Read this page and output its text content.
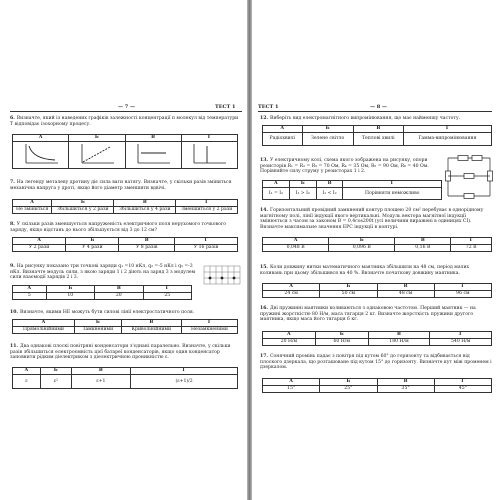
— 7 —	ТЕСТ 1
6. Визначте, який із наведених графіків залежності концентрації п молекул від температури Т відповідає ізохорному процесу.
А	Б	В	Г

7. На легенду металеву дротину діє сила ваги натягу. Визначте, у скільки разів зміниться механічна напруга у дроті, якщо його діаметр зменшити вдвічі.
А	Б	В	Г
Не зміниться	Збільшиться у 2 рази	Збільшиться у 4 рази	Зменшиться у 2 рази
8. У скільки разів зменшується напруженість електричного поля нерухомого точкового заряду, якщо відстань до нього збільшується від 3 до 12 см?
А	Б	В	Г
У 2 рази	У 4 рази	У 8 разів	У 16 разів
9. На рисунку показано три точкові заряди q₁ =10 нКл, q₂ =-5 нКл і q₃ =-3 нКл. Визначте модуль сили, з якою заряди 1 і 2 діють на заряд 3 з модулем сили взаємодії зарядів 2 і 3.
А	Б	В	Г
5	10	20	25
10. Визначте, якими НЕ можуть бути силові лінії електростатичного поля.
А	Б	В	Г
Прямолінійними	Замкненими	Криволінійними	Незамкненими
11. Два однакові плоскі повітряні конденсатори з'єднані паралельно. Визначте, у скільки разів збільшиться електроємність цієї батареї конденсаторів, якщо один конденсатор заповнити рідким діелектриком з діелектричною проникністю ε.
А	Б	В	Г
ε	ε²	ε+1	(ε+1)/2
ТЕСТ 1	— 8 —
12. Виберіть вид електромагнітного випромінювання, що має найменшу частоту.
А	Б	В	Г
Радіохвилі	Зелене світло	Теплові хвилі	Гамма-випромінювання
13. У електричному колі, схема якого зображена на рисунку, опори резисторів R₁ = R₂ = R₃ = 70 Ом, R₄ = 35 Ом, R₅ = 90 Ом, R₆ = 40 Ом. Порівняйте силу струму у резисторах 1 і 2.
А	Б	В	Г
I₁ = I₂	I₁ > I₂	I₁ < I₂	Порівняти неможливо
14. Горизонтальний провідний замкнений контур площею 20 см² перебуває в однорідному магнітному полі, лінії індукції якого вертикальні. Модуль вектора магнітної індукції змінюється з часом за законом B = 0,4cos200t (усі величини виражені в одиницях СІ). Визначте максимальне значення ЕРС індукції в контурі.
А	Б	В	Г
0,048 В	0,096 В	0,16 В	72 В
15. Коли довжину нитки математичного маятника збільшили на 48 см, період малих коливань при цьому збільшився на 40 %. Визначте початкову довжину маятника.
А	Б	В	Г
24 см	50 см	48 см	96 см
16. Дві пружинні маятники коливаються з однаковою частотою. Перший маятник — на пружині жорсткістю 80 Н/м, маса тягарця 2 кг. Визначте жорсткість пружини другого маятника, якщо маса його тягарця 6 кг.
А	Б	В	Г
20 Н/м	60 Н/м	180 Н/м	540 Н/м
17. Сонячний промінь падає з повітря під кутом 60° до горизонту та відбивається від плоского дзеркала, що розташоване під кутом 15° до горизонту. Визначте кут між променем і дзеркалом.
А	Б	В	Г
15°	25°	35°	45°
